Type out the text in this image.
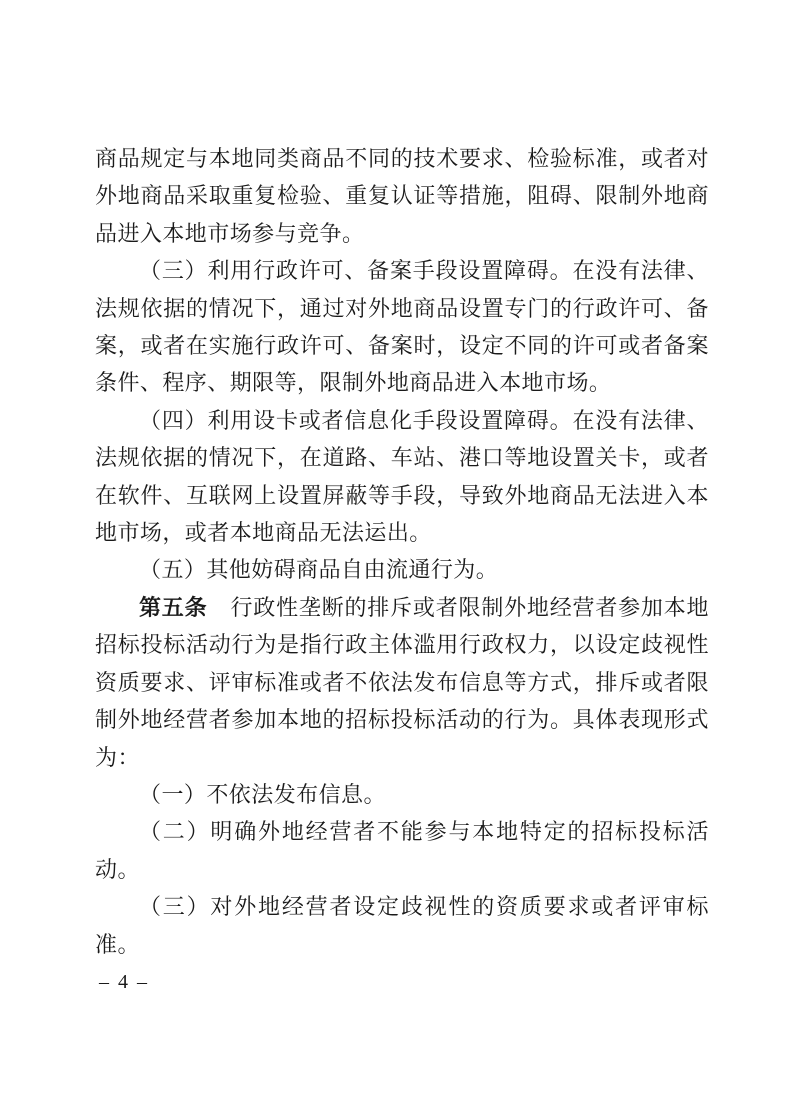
商品规定与本地同类商品不同的技术要求、检验标准，或者对外地商品采取重复检验、重复认证等措施，阻碍、限制外地商品进入本地市场参与竞争。

（三）利用行政许可、备案手段设置障碍。在没有法律、法规依据的情况下，通过对外地商品设置专门的行政许可、备案，或者在实施行政许可、备案时，设定不同的许可或者备案条件、程序、期限等，限制外地商品进入本地市场。

（四）利用设卡或者信息化手段设置障碍。在没有法律、法规依据的情况下，在道路、车站、港口等地设置关卡，或者在软件、互联网上设置屏蔽等手段，导致外地商品无法进入本地市场，或者本地商品无法运出。

（五）其他妨碍商品自由流通行为。

第五条 行政性垄断的排斥或者限制外地经营者参加本地招标投标活动行为是指行政主体滥用行政权力，以设定歧视性资质要求、评审标准或者不依法发布信息等方式，排斥或者限制外地经营者参加本地的招标投标活动的行为。具体表现形式为：

（一）不依法发布信息。

（二）明确外地经营者不能参与本地特定的招标投标活动。

（三）对外地经营者设定歧视性的资质要求或者评审标准。

– 4 –
